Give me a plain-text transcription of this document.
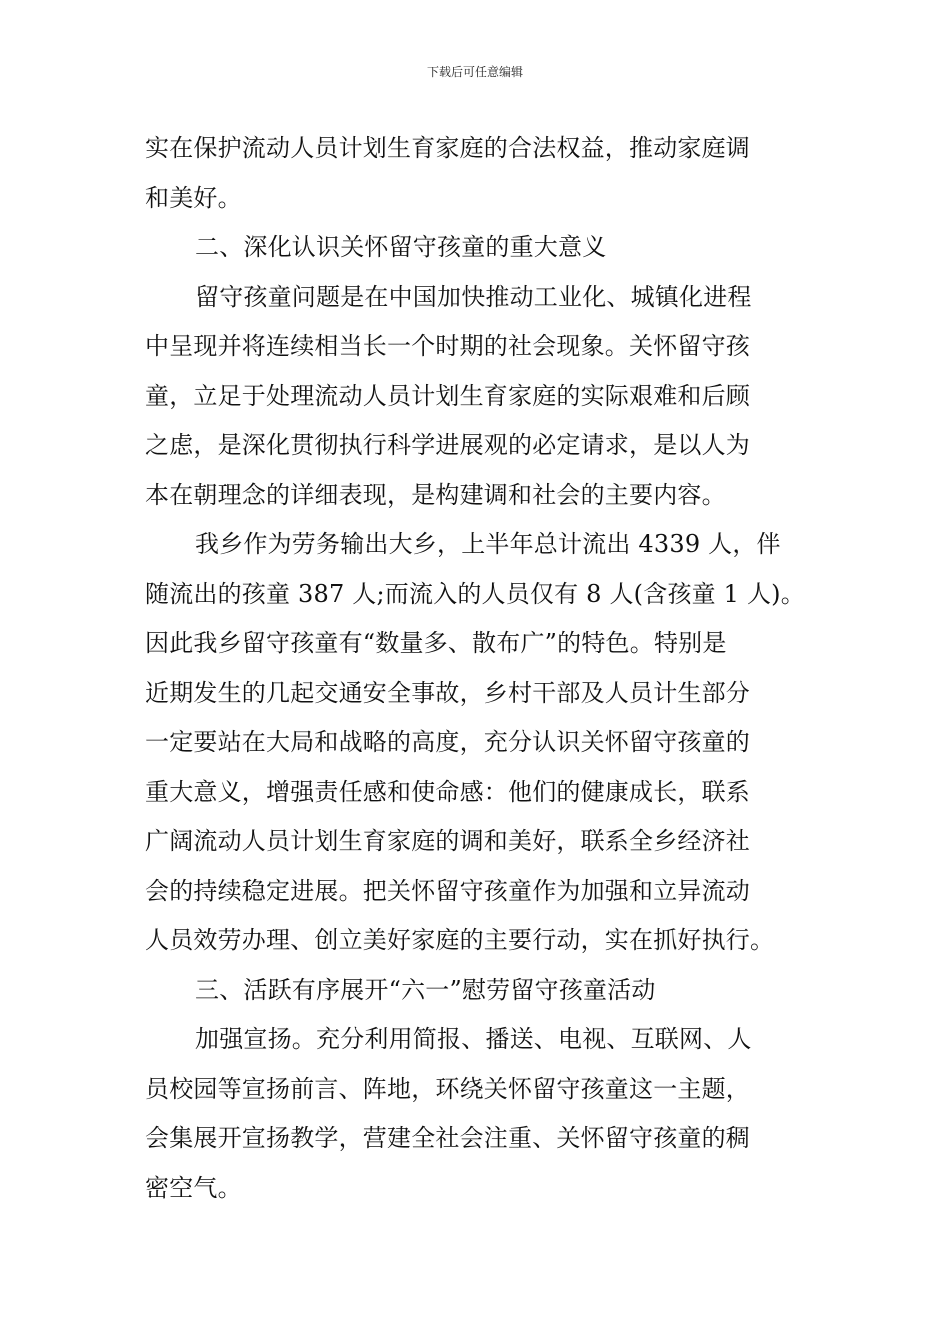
下载后可任意编辑
实在保护流动人员计划生育家庭的合法权益，推动家庭调
和美好。
二、深化认识关怀留守孩童的重大意义
留守孩童问题是在中国加快推动工业化、城镇化进程
中呈现并将连续相当长一个时期的社会现象。关怀留守孩
童，立足于处理流动人员计划生育家庭的实际艰难和后顾
之虑，是深化贯彻执行科学进展观的必定请求，是以人为
本在朝理念的详细表现，是构建调和社会的主要内容。
我乡作为劳务输出大乡，上半年总计流出 4339 人，伴
随流出的孩童 387 人;而流入的人员仅有 8 人(含孩童 1 人)。
因此我乡留守孩童有“数量多、散布广”的特色。特别是
近期发生的几起交通安全事故，乡村干部及人员计生部分
一定要站在大局和战略的高度，充分认识关怀留守孩童的
重大意义，增强责任感和使命感：他们的健康成长，联系
广阔流动人员计划生育家庭的调和美好，联系全乡经济社
会的持续稳定进展。把关怀留守孩童作为加强和立异流动
人员效劳办理、创立美好家庭的主要行动，实在抓好执行。
三、活跃有序展开“六一”慰劳留守孩童活动
加强宣扬。充分利用简报、播送、电视、互联网、人
员校园等宣扬前言、阵地，环绕关怀留守孩童这一主题，
会集展开宣扬教学，营建全社会注重、关怀留守孩童的稠
密空气。
